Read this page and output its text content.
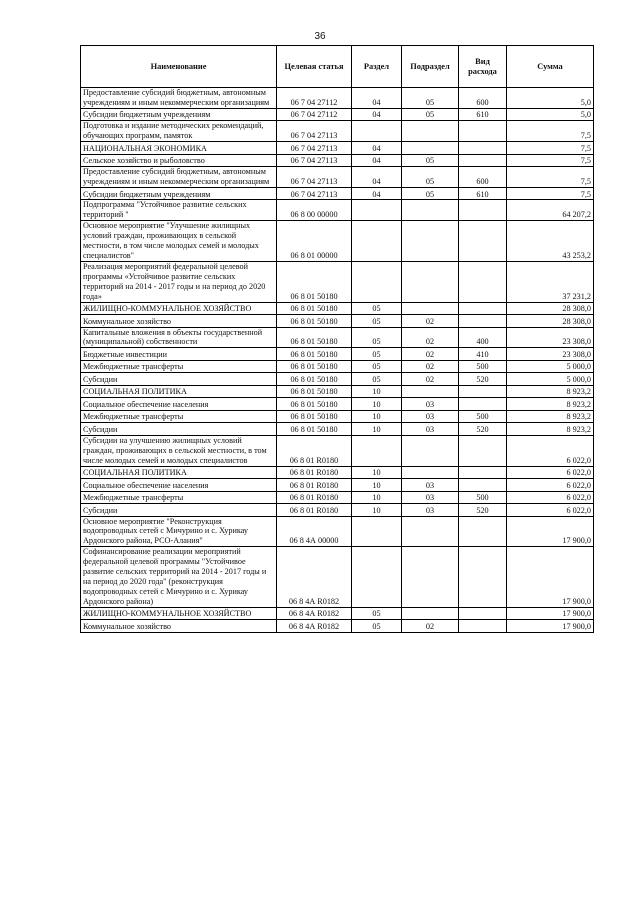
36
Наименование	Целевая статья	Раздел	Подраздел	Вид расхода	Сумма
Предоставление субсидий бюджетным, автономным учреждениям и иным некоммерческим организациям	06 7 04 27112	04	05	600	5,0
Субсидии бюджетным учреждениям	06 7 04 27112	04	05	610	5,0
Подготовка и издание методических рекомендаций, обучающих программ, памяток	06 7 04 27113				7,5
НАЦИОНАЛЬНАЯ ЭКОНОМИКА	06 7 04 27113	04			7,5
Сельское хозяйство и рыболовство	06 7 04 27113	04	05		7,5
Предоставление субсидий бюджетным, автономным учреждениям и иным некоммерческим организациям	06 7 04 27113	04	05	600	7,5
Субсидии бюджетным учреждениям	06 7 04 27113	04	05	610	7,5
Подпрограмма "Устойчивое развитие сельских территорий "	06 8 00 00000				64 207,2
Основное мероприятие "Улучшение жилищных условий граждан, проживающих в сельской местности, в том числе молодых семей и молодых специалистов"	06 8 01 00000				43 253,2
Реализация мероприятий федеральной целевой программы «Устойчивое развитие сельских территорий на 2014 - 2017 годы и на период до 2020 года»	06 8 01 50180				37 231,2
ЖИЛИЩНО-КОММУНАЛЬНОЕ ХОЗЯЙСТВО	06 8 01 50180	05			28 308,0
Коммунальное хозяйство	06 8 01 50180	05	02		28 308,0
Капитальные вложения в объекты государственной (муниципальной) собственности	06 8 01 50180	05	02	400	23 308,0
Бюджетные инвестиции	06 8 01 50180	05	02	410	23 308,0
Межбюджетные трансферты	06 8 01 50180	05	02	500	5 000,0
Субсидии	06 8 01 50180	05	02	520	5 000,0
СОЦИАЛЬНАЯ ПОЛИТИКА	06 8 01 50180	10			8 923,2
Социальное обеспечение населения	06 8 01 50180	10	03		8 923,2
Межбюджетные трансферты	06 8 01 50180	10	03	500	8 923,2
Субсидии	06 8 01 50180	10	03	520	8 923,2
Субсидии на улучшению жилищных условий граждан, проживающих в сельской местности, в том числе молодых семей и молодых специалистов	06 8 01 R0180				6 022,0
СОЦИАЛЬНАЯ ПОЛИТИКА	06 8 01 R0180	10			6 022,0
Социальное обеспечение населения	06 8 01 R0180	10	03		6 022,0
Межбюджетные трансферты	06 8 01 R0180	10	03	500	6 022,0
Субсидии	06 8 01 R0180	10	03	520	6 022,0
Основное мероприятие "Реконструкция водопроводных сетей с Мичурино и с. Хурикау Ардонского района, РСО-Алания"	06 8 4А 00000				17 900,0
Софинансирование реализации мероприятий федеральной целевой программы "Устойчивое развитие сельских территорий на 2014 - 2017 годы и на период до 2020 года" (реконструкция водопроводных сетей с Мичурино и с. Хурикау Ардонского района)	06 8 4А R0182				17 900,0
ЖИЛИЩНО-КОММУНАЛЬНОЕ ХОЗЯЙСТВО	06 8 4А R0182	05			17 900,0
Коммунальное хозяйство	06 8 4А R0182	05	02		17 900,0
